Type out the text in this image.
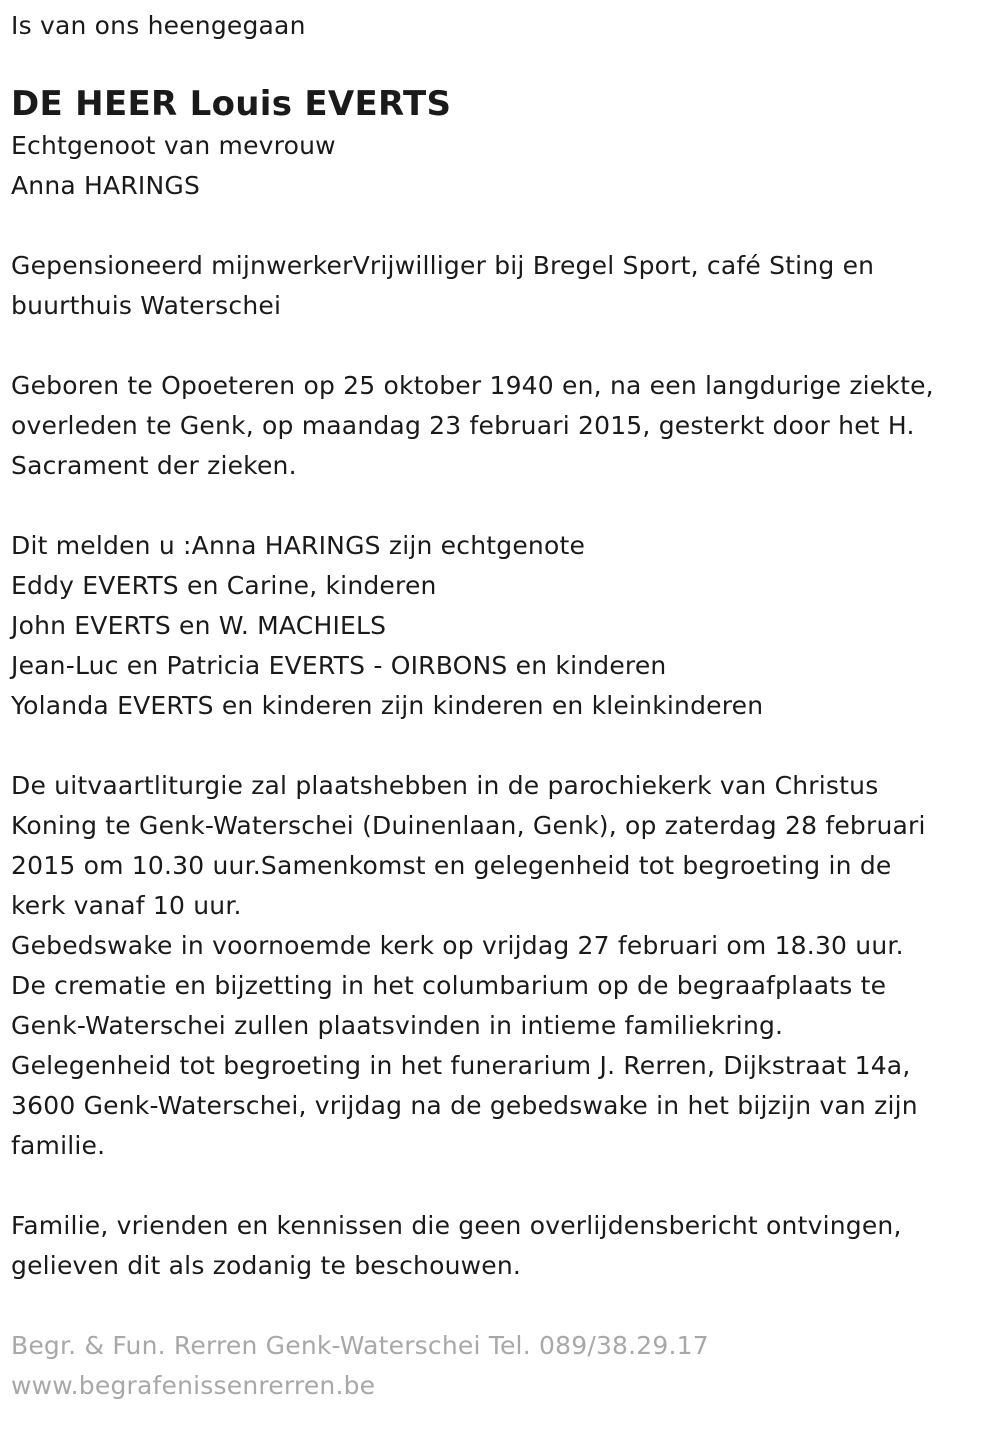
Is van ons heengegaan

DE HEER Louis EVERTS

Echtgenoot van mevrouw

Anna HARINGS

Gepensioneerd mijnwerkerVrijwilliger bij Bregel Sport, café Sting en

buurthuis Waterschei

Geboren te Opoeteren op 25 oktober 1940 en, na een langdurige ziekte,

overleden te Genk, op maandag 23 februari 2015, gesterkt door het H.

Sacrament der zieken.

Dit melden u :Anna HARINGS zijn echtgenote

Eddy EVERTS en Carine, kinderen

John EVERTS en W. MACHIELS

Jean-Luc en Patricia EVERTS - OIRBONS en kinderen

Yolanda EVERTS en kinderen zijn kinderen en kleinkinderen

De uitvaartliturgie zal plaatshebben in de parochiekerk van Christus

Koning te Genk-Waterschei (Duinenlaan, Genk), op zaterdag 28 februari

2015 om 10.30 uur.Samenkomst en gelegenheid tot begroeting in de

kerk vanaf 10 uur.

Gebedswake in voornoemde kerk op vrijdag 27 februari om 18.30 uur.

De crematie en bijzetting in het columbarium op de begraafplaats te

Genk-Waterschei zullen plaatsvinden in intieme familiekring.

Gelegenheid tot begroeting in het funerarium J. Rerren, Dijkstraat 14a,

3600 Genk-Waterschei, vrijdag na de gebedswake in het bijzijn van zijn

familie.

Familie, vrienden en kennissen die geen overlijdensbericht ontvingen,

gelieven dit als zodanig te beschouwen.

Begr. & Fun. Rerren Genk-Waterschei Tel. 089/38.29.17

www.begrafenissenrerren.be
